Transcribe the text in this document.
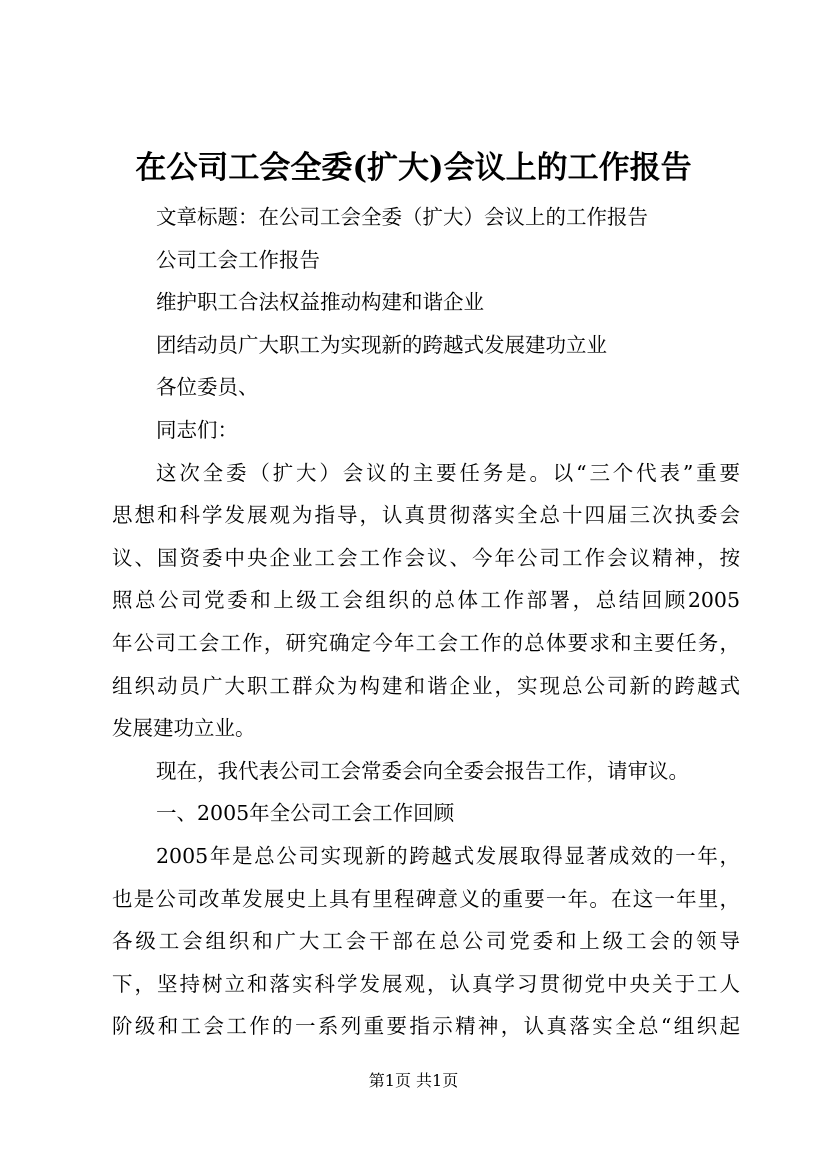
在公司工会全委(扩大)会议上的工作报告
文章标题：在公司工会全委（扩大）会议上的工作报告
公司工会工作报告
维护职工合法权益推动构建和谐企业
团结动员广大职工为实现新的跨越式发展建功立业
各位委员、
同志们：
这次全委（扩大）会议的主要任务是。以“三个代表”重要
思想和科学发展观为指导，认真贯彻落实全总十四届三次执委会
议、国资委中央企业工会工作会议、今年公司工作会议精神，按
照总公司党委和上级工会组织的总体工作部署，总结回顾2005
年公司工会工作，研究确定今年工会工作的总体要求和主要任务，
组织动员广大职工群众为构建和谐企业，实现总公司新的跨越式
发展建功立业。
现在，我代表公司工会常委会向全委会报告工作，请审议。
一、2005年全公司工会工作回顾
2005年是总公司实现新的跨越式发展取得显著成效的一年，
也是公司改革发展史上具有里程碑意义的重要一年。在这一年里，
各级工会组织和广大工会干部在总公司党委和上级工会的领导
下，坚持树立和落实科学发展观，认真学习贯彻党中央关于工人
阶级和工会工作的一系列重要指示精神，认真落实全总“组织起
第1页 共1页
